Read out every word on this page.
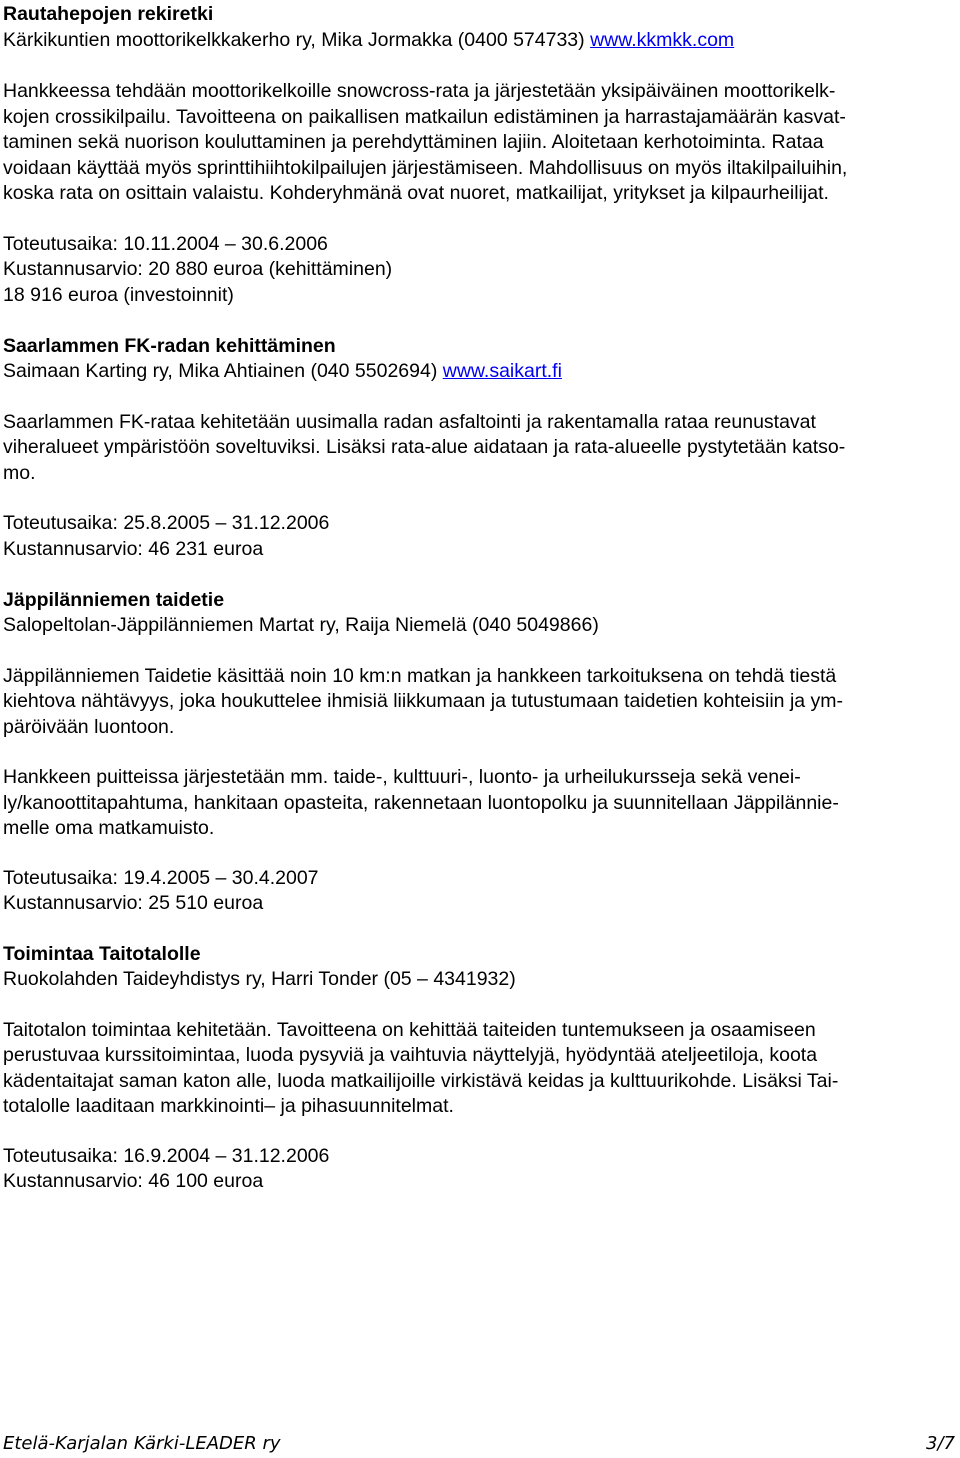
Rautahepojen rekiretki
Kärkikuntien moottorikelkkakerho ry, Mika Jormakka (0400 574733) www.kkmkk.com
Hankkeessa tehdään moottorikelkoille snowcross-rata ja järjestetään yksipäiväinen moottorikelk-
kojen crossikilpailu. Tavoitteena on paikallisen matkailun edistäminen ja harrastajamäärän kasvat-
taminen sekä nuorison kouluttaminen ja perehdyttäminen lajiin. Aloitetaan kerhotoiminta. Rataa
voidaan käyttää myös sprinttihiihtokilpailujen järjestämiseen. Mahdollisuus on myös iltakilpailuihin,
koska rata on osittain valaistu. Kohderyhmänä ovat nuoret, matkailijat, yritykset ja kilpaurheilijat.
Toteutusaika: 10.11.2004 – 30.6.2006
Kustannusarvio: 20 880 euroa (kehittäminen)
18 916 euroa (investoinnit)
Saarlammen FK-radan kehittäminen
Saimaan Karting ry, Mika Ahtiainen (040 5502694) www.saikart.fi
Saarlammen FK-rataa kehitetään uusimalla radan asfaltointi ja rakentamalla rataa reunustavat
viheralueet ympäristöön soveltuviksi. Lisäksi rata-alue aidataan ja rata-alueelle pystytetään katso-
mo.
Toteutusaika: 25.8.2005 – 31.12.2006
Kustannusarvio: 46 231 euroa
Jäppilänniemen taidetie
Salopeltolan-Jäppilänniemen Martat ry, Raija Niemelä (040 5049866)
Jäppilänniemen Taidetie käsittää noin 10 km:n matkan ja hankkeen tarkoituksena on tehdä tiestä
kiehtova nähtävyys, joka houkuttelee ihmisiä liikkumaan ja tutustumaan taidetien kohteisiin ja ym-
päröivään luontoon.
Hankkeen puitteissa järjestetään mm. taide-, kulttuuri-, luonto- ja urheilukursseja sekä venei-
ly/kanoottitapahtuma, hankitaan opasteita, rakennetaan luontopolku ja suunnitellaan Jäppilännie-
melle oma matkamuisto.
Toteutusaika: 19.4.2005 – 30.4.2007
Kustannusarvio: 25 510 euroa
Toimintaa Taitotalolle
Ruokolahden Taideyhdistys ry, Harri Tonder (05 – 4341932)
Taitotalon toimintaa kehitetään. Tavoitteena on kehittää taiteiden tuntemukseen ja osaamiseen
perustuvaa kurssitoimintaa, luoda pysyviä ja vaihtuvia näyttelyjä, hyödyntää ateljeetiloja, koota
kädentaitajat saman katon alle, luoda matkailijoille virkistävä keidas ja kulttuurikohde. Lisäksi Tai-
totalolle laaditaan markkinointi– ja pihasuunnitelmat.
Toteutusaika: 16.9.2004 – 31.12.2006
Kustannusarvio: 46 100 euroa
Etelä-Karjalan Kärki-LEADER ry	3/7
